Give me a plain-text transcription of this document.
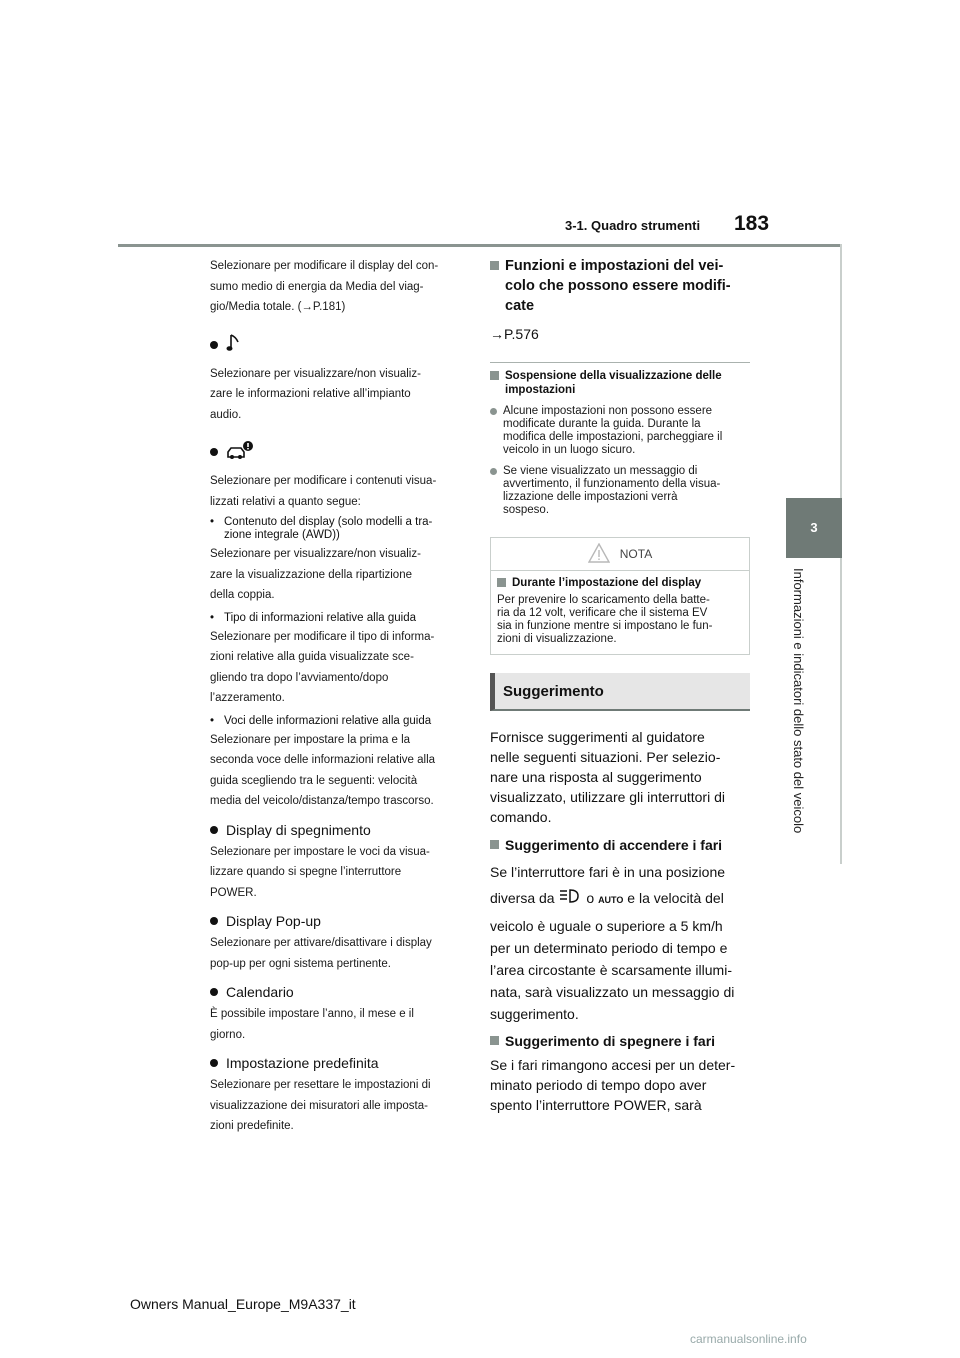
3-1. Quadro strumenti 183
3
Informazioni e indicatori dello stato del veicolo

Selezionare per modificare il display del con-

sumo medio di energia da Media del viag-

gio/Media totale. (→P.181)

Selezionare per visualizzare/non visualiz-

zare le informazioni relative all’impianto

audio.

Selezionare per modificare i contenuti visua-

lizzati relativi a quanto segue:

• Contenuto del display (solo modelli a tra-

zione integrale (AWD))

Selezionare per visualizzare/non visualiz-

zare la visualizzazione della ripartizione

della coppia.

• Tipo di informazioni relative alla guida

Selezionare per modificare il tipo di informa-

zioni relative alla guida visualizzate sce-

gliendo tra dopo l’avviamento/dopo

l’azzeramento.

• Voci delle informazioni relative alla guida

Selezionare per impostare la prima e la

seconda voce delle informazioni relative alla

guida scegliendo tra le seguenti: velocità

media del veicolo/distanza/tempo trascorso.

Display di spegnimento

Selezionare per impostare le voci da visua-

lizzare quando si spegne l’interruttore

POWER.

Display Pop-up

Selezionare per attivare/disattivare i display

pop-up per ogni sistema pertinente.

Calendario

È possibile impostare l’anno, il mese e il

giorno.

Impostazione predefinita

Selezionare per resettare le impostazioni di

visualizzazione dei misuratori alle imposta-

zioni predefinite.

Funzioni e impostazioni del vei-

colo che possono essere modifi-

cate

→P.576

Sospensione della visualizzazione delle

impostazioni

Alcune impostazioni non possono essere

modificate durante la guida. Durante la

modifica delle impostazioni, parcheggiare il

veicolo in un luogo sicuro.

Se viene visualizzato un messaggio di

avvertimento, il funzionamento della visua-

lizzazione delle impostazioni verrà

sospeso.

NOTA
Durante l’impostazione del display

Per prevenire lo scaricamento della batte-

ria da 12 volt, verificare che il sistema EV

sia in funzione mentre si impostano le fun-

zioni di visualizzazione.

Suggerimento

Fornisce suggerimenti al guidatore

nelle seguenti situazioni. Per selezio-

nare una risposta al suggerimento

visualizzato, utilizzare gli interruttori di

comando.

Suggerimento di accendere i fari

Se l’interruttore fari è in una posizione

diversa da o AUTO e la velocità del

veicolo è uguale o superiore a 5 km/h

per un determinato periodo di tempo e

l’area circostante è scarsamente illumi-

nata, sarà visualizzato un messaggio di

suggerimento.

Suggerimento di spegnere i fari

Se i fari rimangono accesi per un deter-

minato periodo di tempo dopo aver

spento l’interruttore POWER, sarà

Owners Manual_Europe_M9A337_it
carmanualsonline.info
